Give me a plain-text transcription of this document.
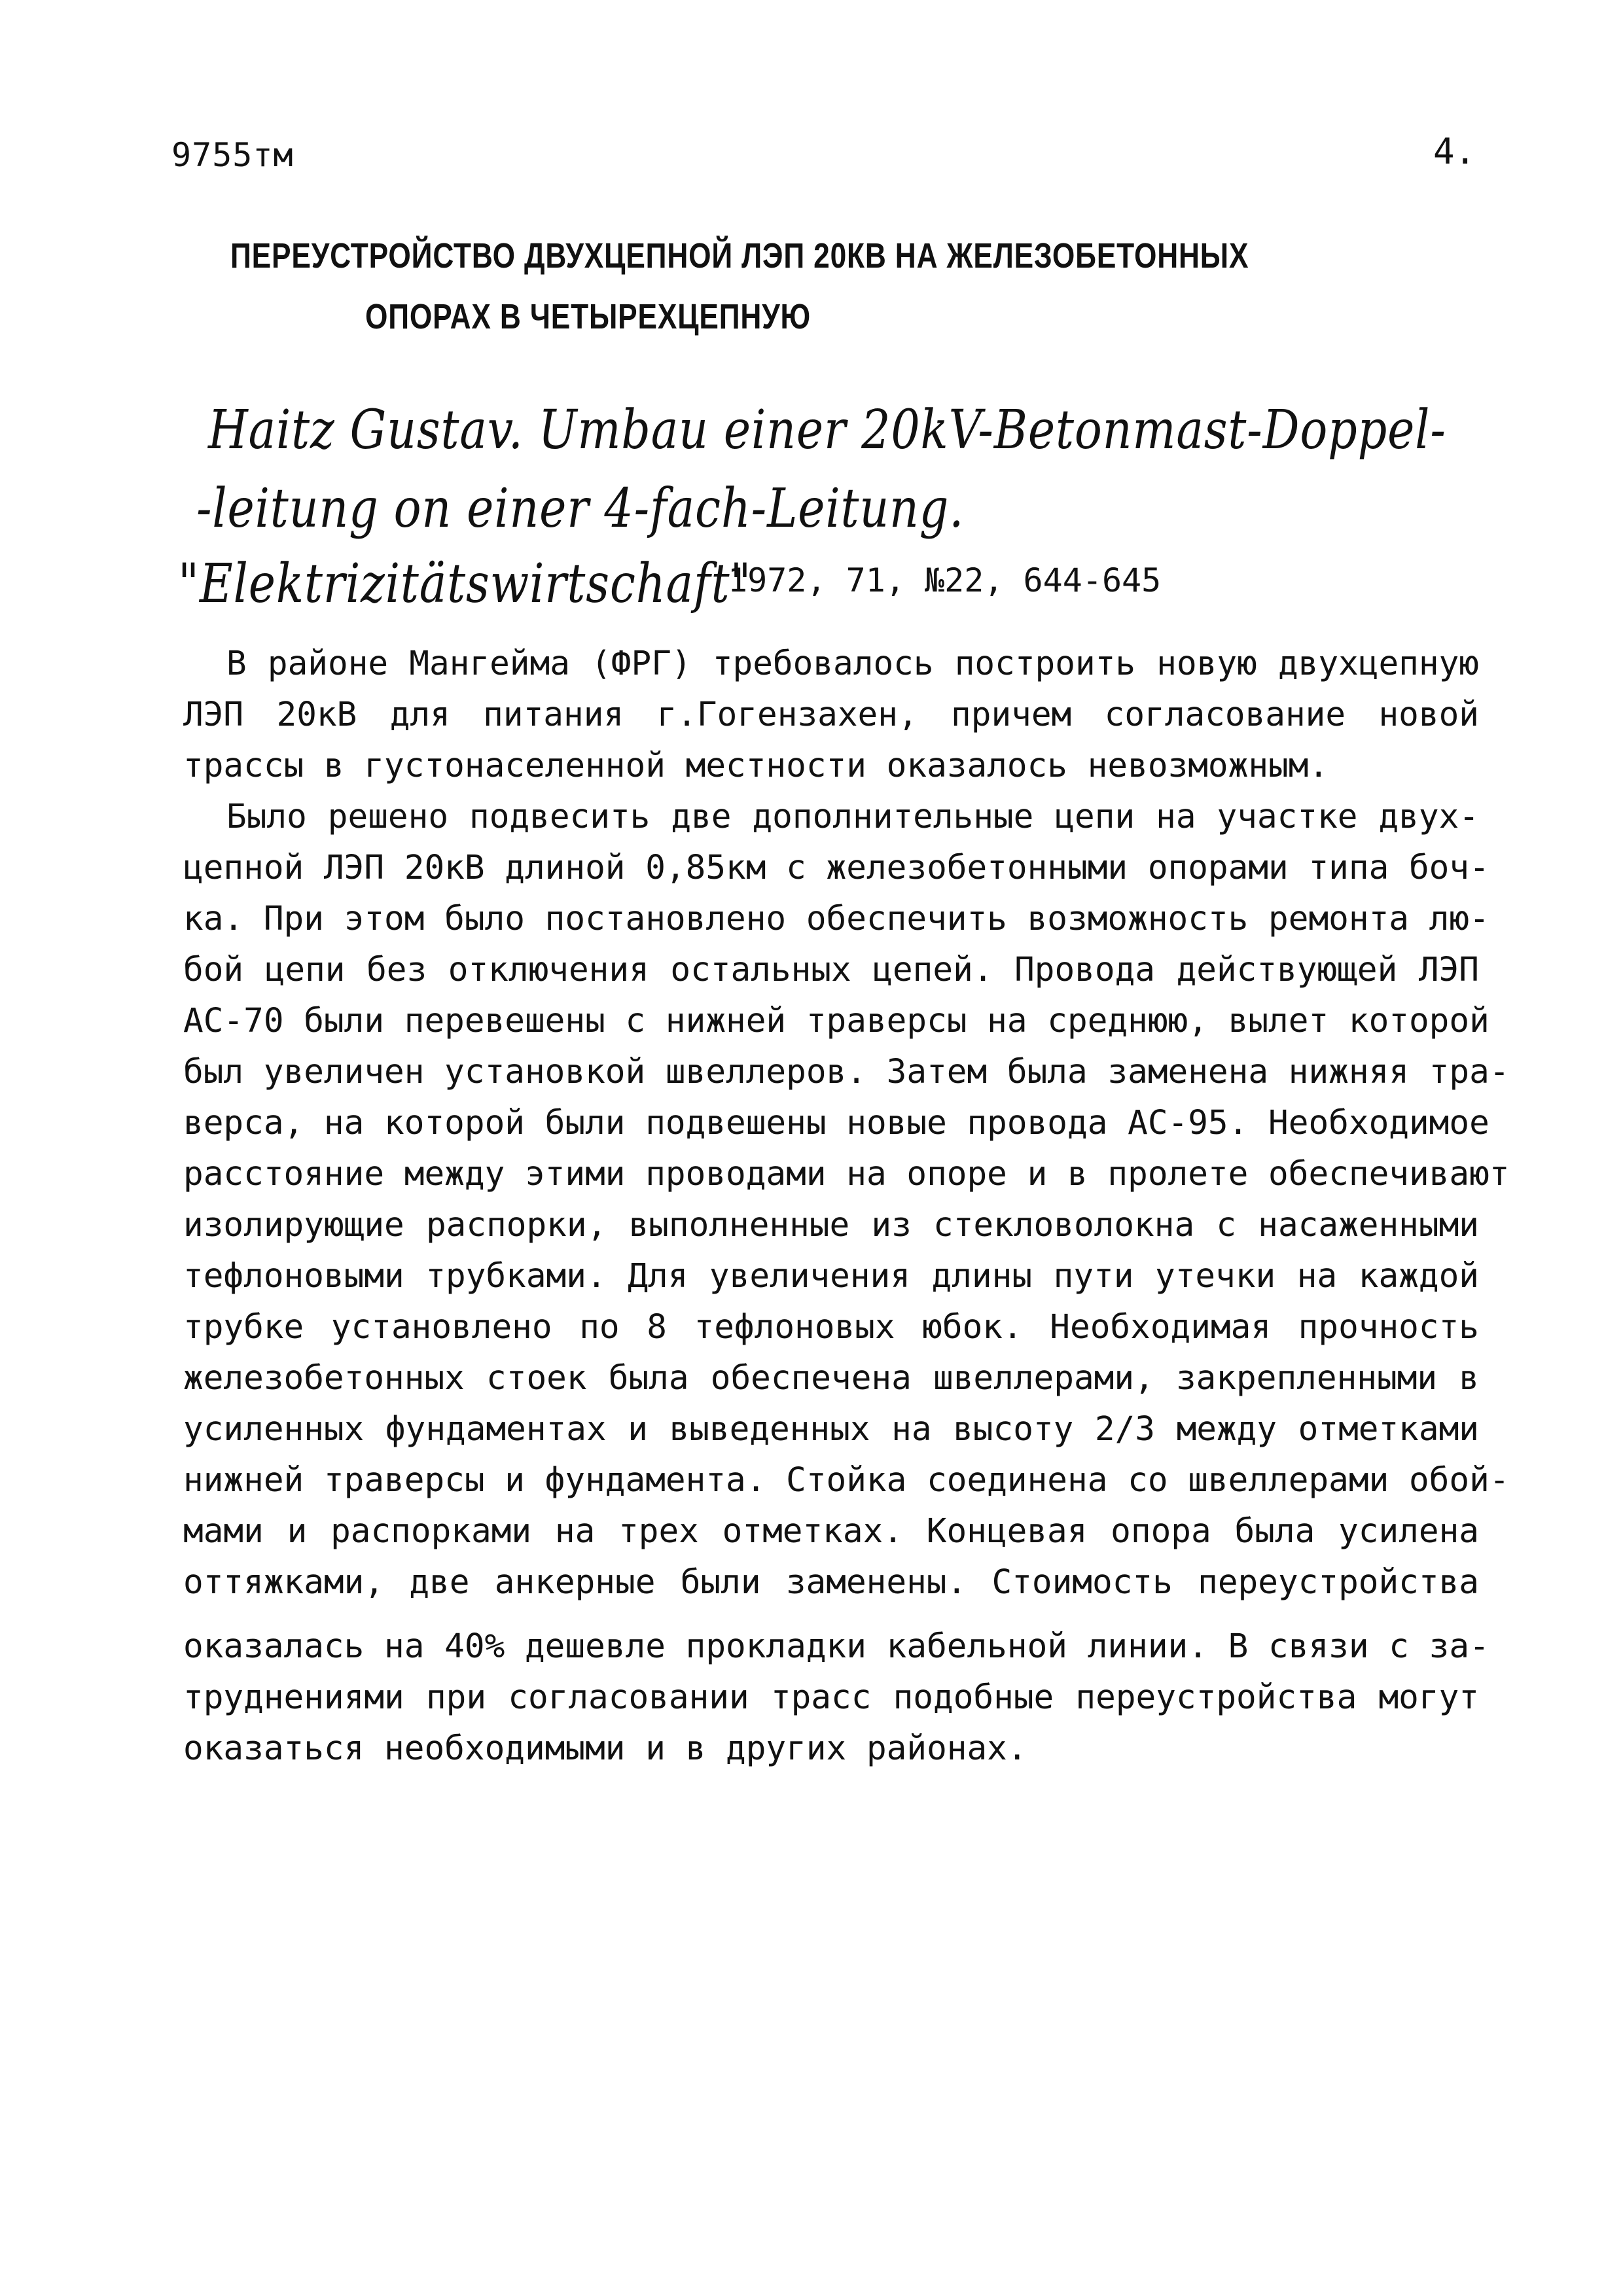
9755тм	4.
ПЕРЕУСТРОЙСТВО ДВУХЦЕПНОЙ ЛЭП 20КВ НА ЖЕЛЕЗОБЕТОННЫХ
ОПОРАХ В ЧЕТЫРЕХЦЕПНУЮ
Haitz Gustav. Umbau einer 20kV-Betonmast-Doppel-
-leitung on einer 4-fach-Leitung.
"Elektrizitätswirtschaft"
1972, 71, №22, 644-645
В районе Мангейма (ФРГ) требовалось построить новую двухцепную
ЛЭП 20кВ для питания г.Гогензахен, причем согласование новой
трассы в густонаселенной местности оказалось невозможным.
Было решено подвесить две дополнительные цепи на участке двух-
цепной ЛЭП 20кВ длиной 0,85км с железобетонными опорами типа боч-
ка. При этом было постановлено обеспечить возможность ремонта лю-
бой цепи без отключения остальных цепей. Провода действующей ЛЭП
АС-70 были перевешены с нижней траверсы на среднюю, вылет которой
был увеличен установкой швеллеров. Затем была заменена нижняя тра-
верса, на которой были подвешены новые провода АС-95. Необходимое
расстояние между этими проводами на опоре и в пролете обеспечивают
изолирующие распорки, выполненные из стекловолокна с насаженными
тефлоновыми трубками. Для увеличения длины пути утечки на каждой
трубке установлено по 8 тефлоновых юбок. Необходимая прочность
железобетонных стоек была обеспечена швеллерами, закрепленными в
усиленных фундаментах и выведенных на высоту 2/3 между отметками
нижней траверсы и фундамента. Стойка соединена со швеллерами обой-
мами и распорками на трех отметках. Концевая опора была усилена
оттяжками, две анкерные были заменены. Стоимость переустройства
оказалась на 40% дешевле прокладки кабельной линии. В связи с за-
труднениями при согласовании трасс подобные переустройства могут
оказаться необходимыми и в других районах.
